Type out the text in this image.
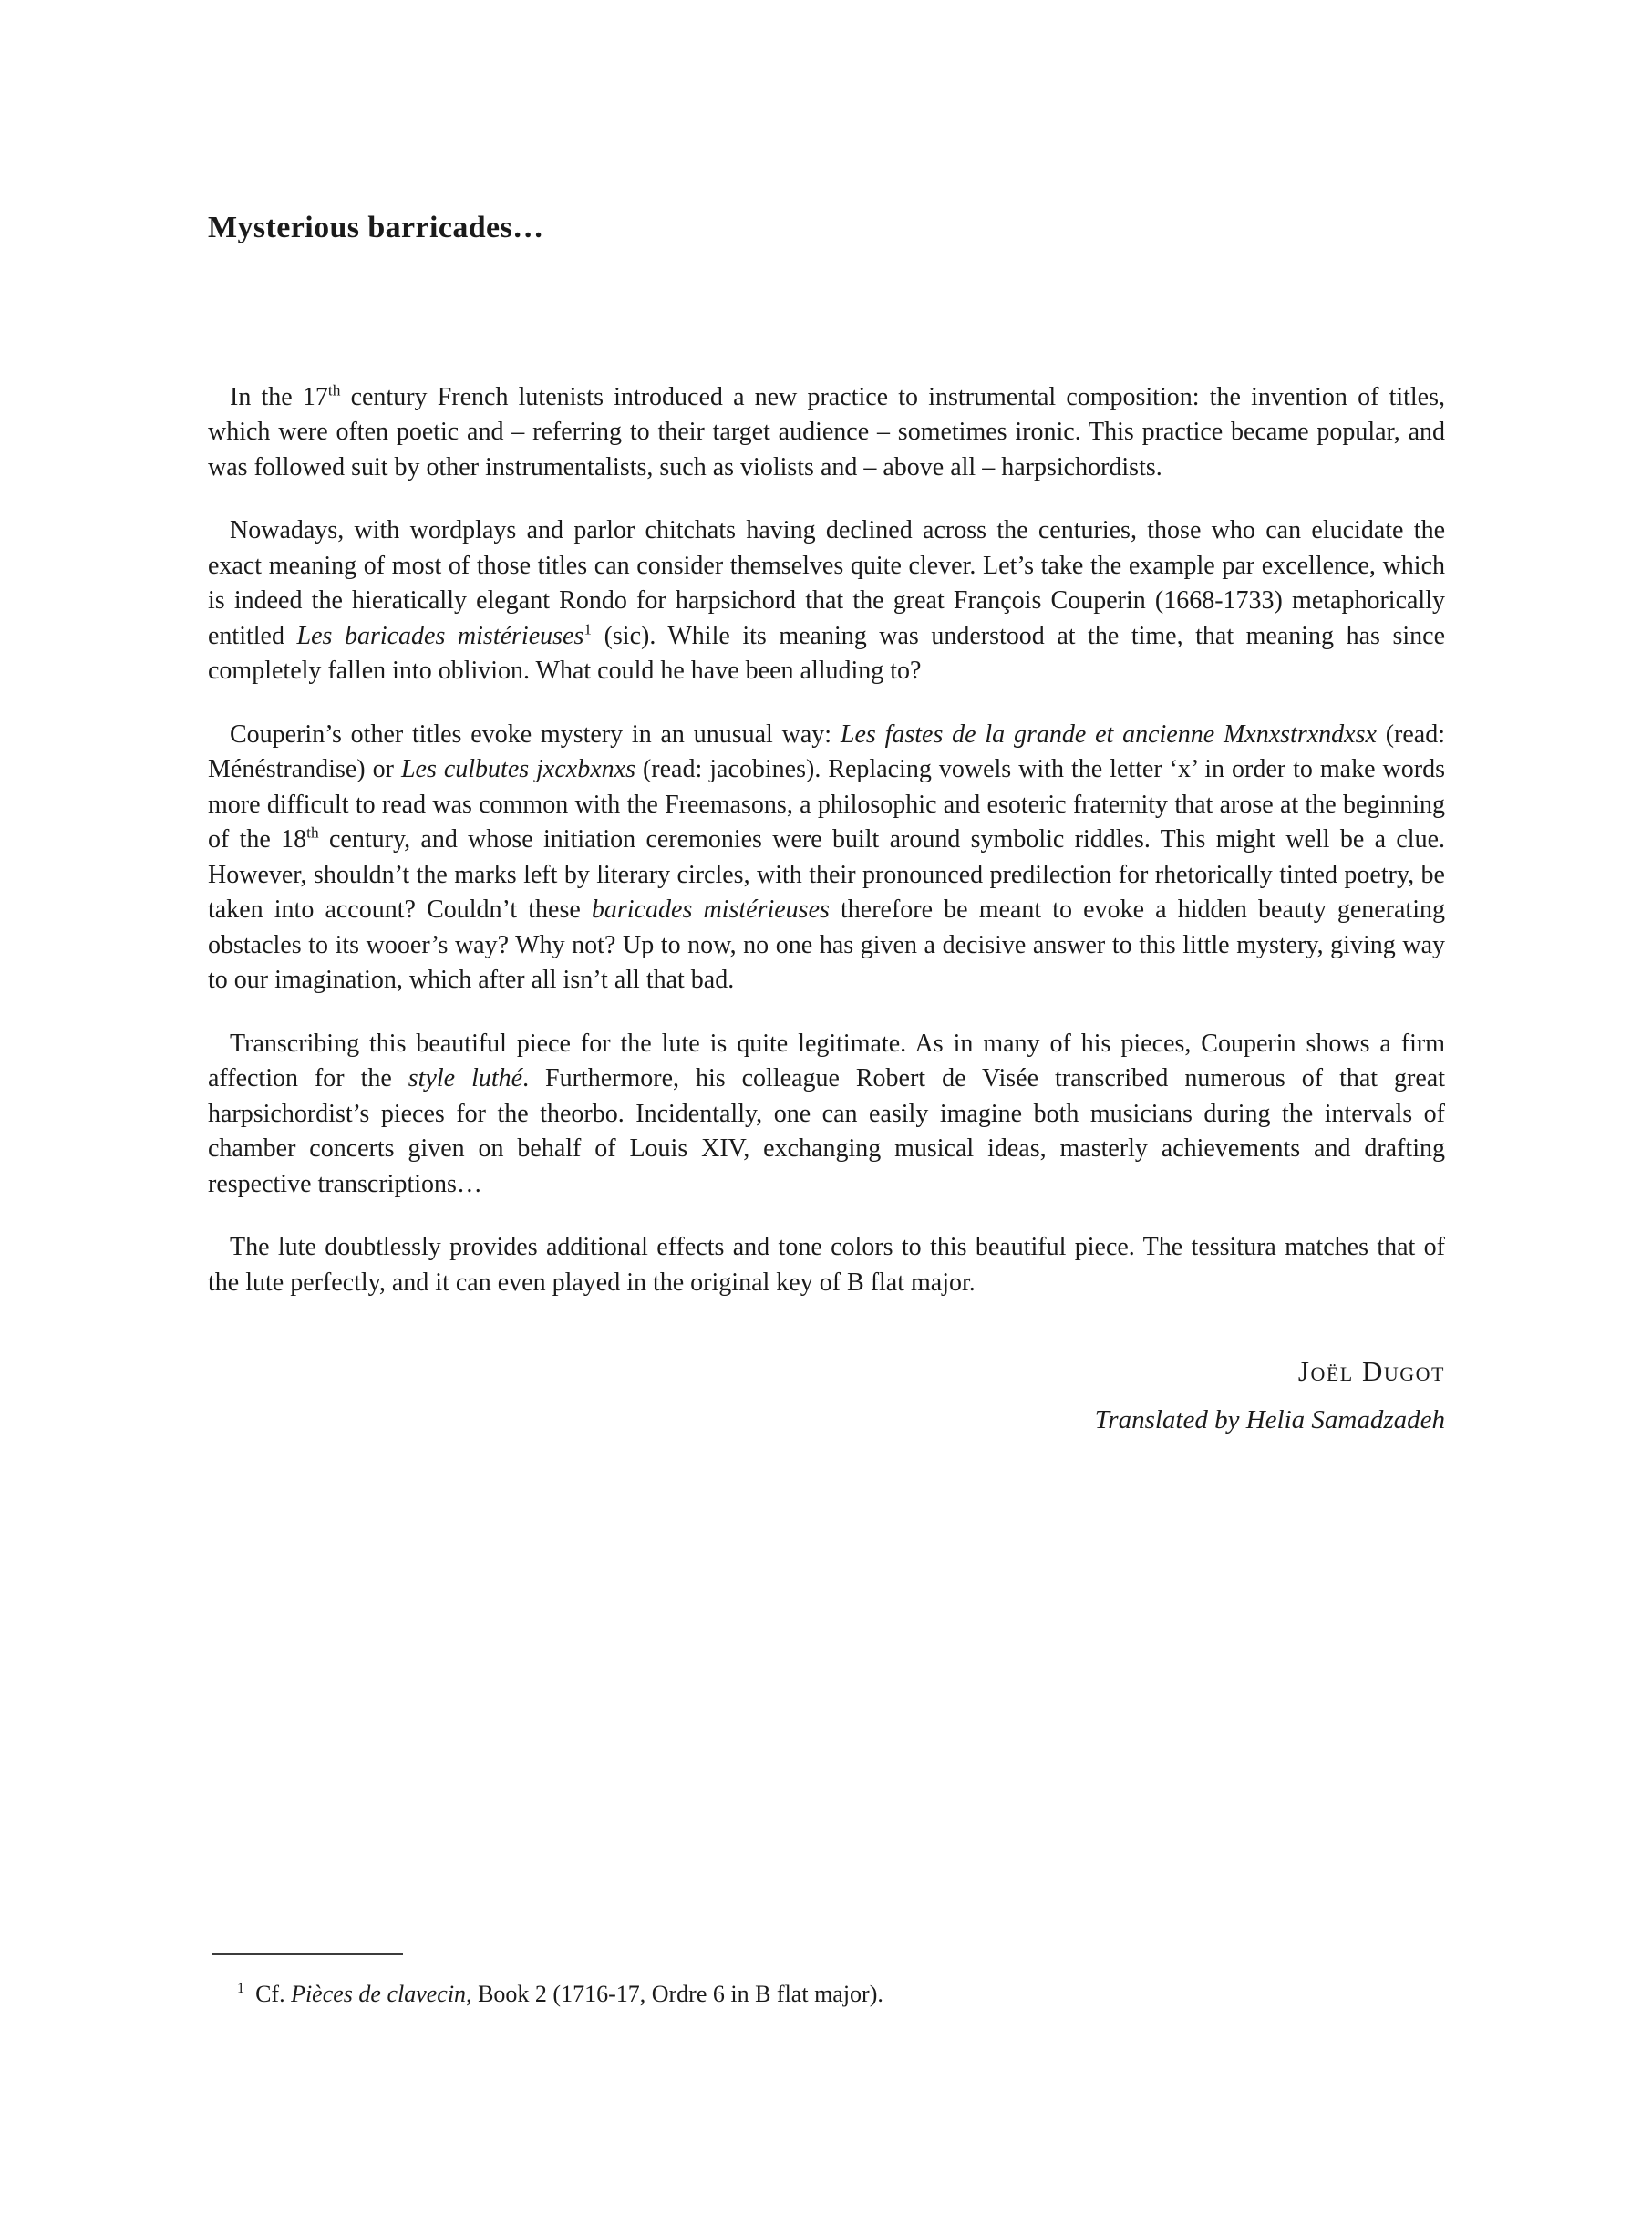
Mysterious barricades…

In the 17th century French lutenists introduced a new practice to instrumental composition: the invention of titles, which were often poetic and – referring to their target audience – sometimes ironic. This practice became popular, and was followed suit by other instrumentalists, such as violists and – above all – harpsichordists.

Nowadays, with wordplays and parlor chitchats having declined across the centuries, those who can elucidate the exact meaning of most of those titles can consider themselves quite clever. Let’s take the example par excellence, which is indeed the hieratically elegant Rondo for harpsichord that the great François Couperin (1668-1733) metaphorically entitled Les baricades mistérieuses$^1$ (sic). While its meaning was understood at the time, that meaning has since completely fallen into oblivion. What could he have been alluding to?

Couperin’s other titles evoke mystery in an unusual way: Les fastes de la grande et ancienne Mxnxstrxndxsx (read: Ménéstrandise) or Les culbutes jxcxbxnxs (read: jacobines). Replacing vowels with the letter ‘x’ in order to make words more difficult to read was common with the Freemasons, a philosophic and esoteric fraternity that arose at the beginning of the 18th century, and whose initiation ceremonies were built around symbolic riddles. This might well be a clue. However, shouldn’t the marks left by literary circles, with their pronounced predilection for rhetorically tinted poetry, be taken into account? Couldn’t these baricades mistérieuses therefore be meant to evoke a hidden beauty generating obstacles to its wooer’s way? Why not? Up to now, no one has given a decisive answer to this little mystery, giving way to our imagination, which after all isn’t all that bad.

Transcribing this beautiful piece for the lute is quite legitimate. As in many of his pieces, Couperin shows a firm affection for the style luthé. Furthermore, his colleague Robert de Visée transcribed numerous of that great harpsichordist’s pieces for the theorbo. Incidentally, one can easily imagine both musicians during the intervals of chamber concerts given on behalf of Louis XIV, exchanging musical ideas, masterly achievements and drafting respective transcriptions…

The lute doubtlessly provides additional effects and tone colors to this beautiful piece. The tessitura matches that of the lute perfectly, and it can even played in the original key of B flat major.

Joël Dugot
Translated by Helia Samadzadeh

$^1$ Cf. Pièces de clavecin, Book 2 (1716-17, Ordre 6 in B flat major).
